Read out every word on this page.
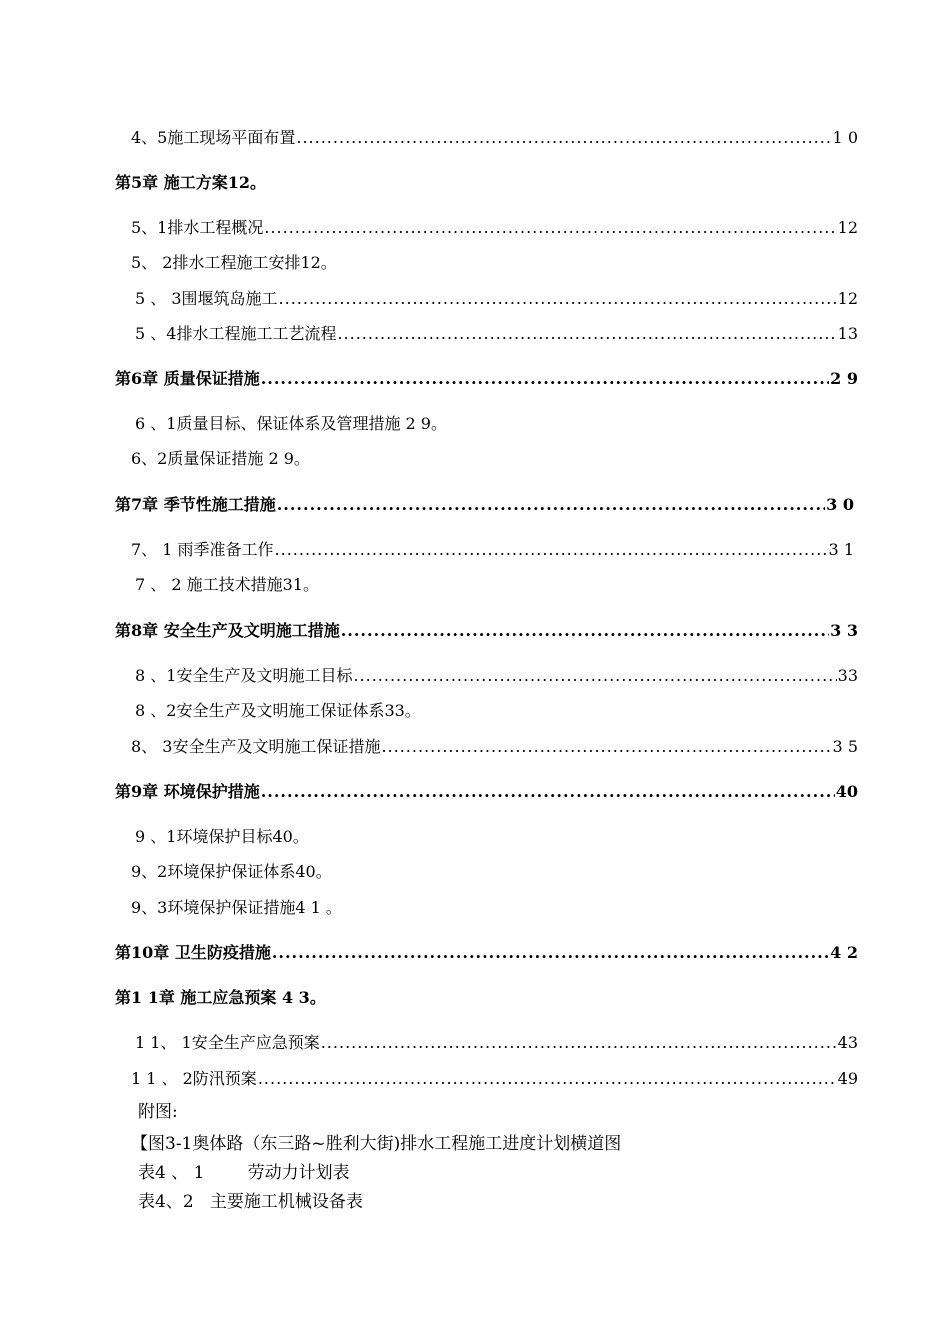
4、5施工现场平面布置 .....	1 0
第5章 施工方案12。
5、1排水工程概况 .....	12
5、 2排水工程施工安排12。
5 、 3围堰筑岛施工 .....	12
5 、4排水工程施工工艺流程 .....	13
第6章 质量保证措施 .....	2 9
6 、1质量目标、保证体系及管理措施 2 9。
6、2质量保证措施 2 9。
第7章 季节性施工措施 .....	3 0
7、 1 雨季准备工作 .....	3 1
7 、 2 施工技术措施31。
第8章 安全生产及文明施工措施 .....	3 3
8 、1安全生产及文明施工目标 .....	33
8 、2安全生产及文明施工保证体系33。
8、 3安全生产及文明施工保证措施 .....	3 5
第9章 环境保护措施 .....	40
9 、1环境保护目标40。
9、2环境保护保证体系40。
9、3环境保护保证措施4 1 。
第10章 卫生防疫措施 .....	4 2
第1 1章 施工应急预案 4 3。
1 1、 1安全生产应急预案 .....	43
1 1 、 2防汛预案 .....	49
附图:
【图3-1奥体路（东三路~胜利大街)排水工程施工进度计划横道图
表4 、 1        劳动力计划表
表4、2   主要施工机械设备表
